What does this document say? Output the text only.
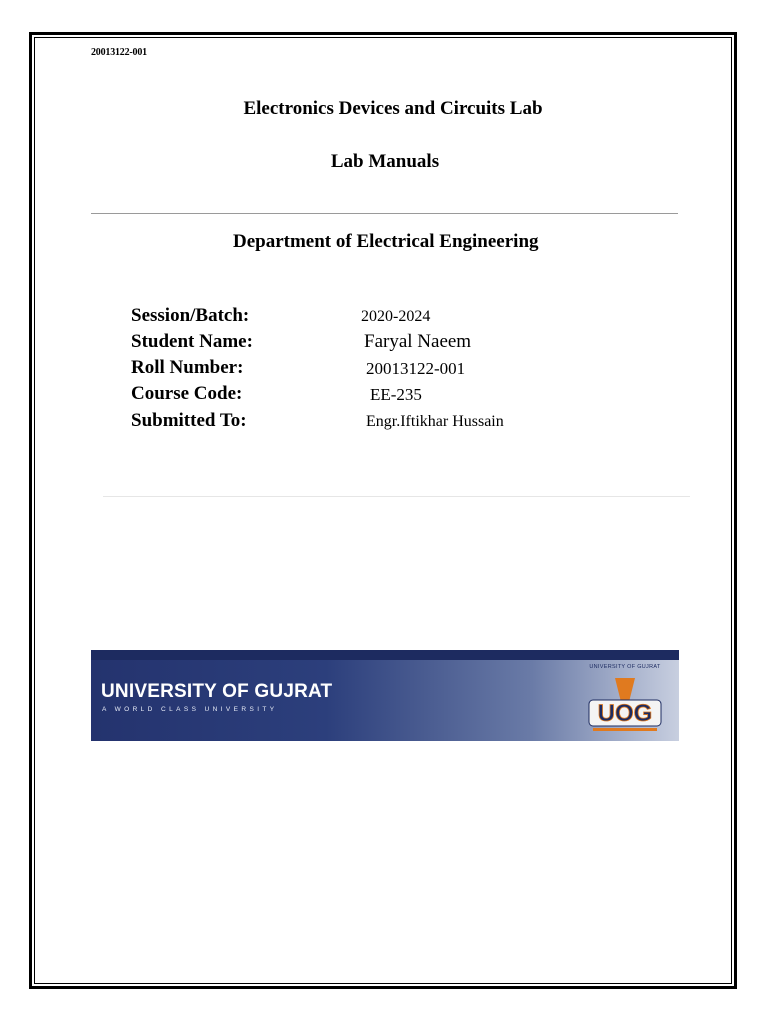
20013122-001
Electronics Devices and Circuits Lab
Lab Manuals
Department of Electrical Engineering
Session/Batch:	2020-2024
Student Name:	Faryal Naeem
Roll Number:	20013122-001
Course Code:	EE-235
Submitted To:	Engr.Iftikhar Hussain
UNIVERSITY OF GUJRAT
A WORLD CLASS UNIVERSITY
UNIVERSITY OF GUJRAT
UOG
